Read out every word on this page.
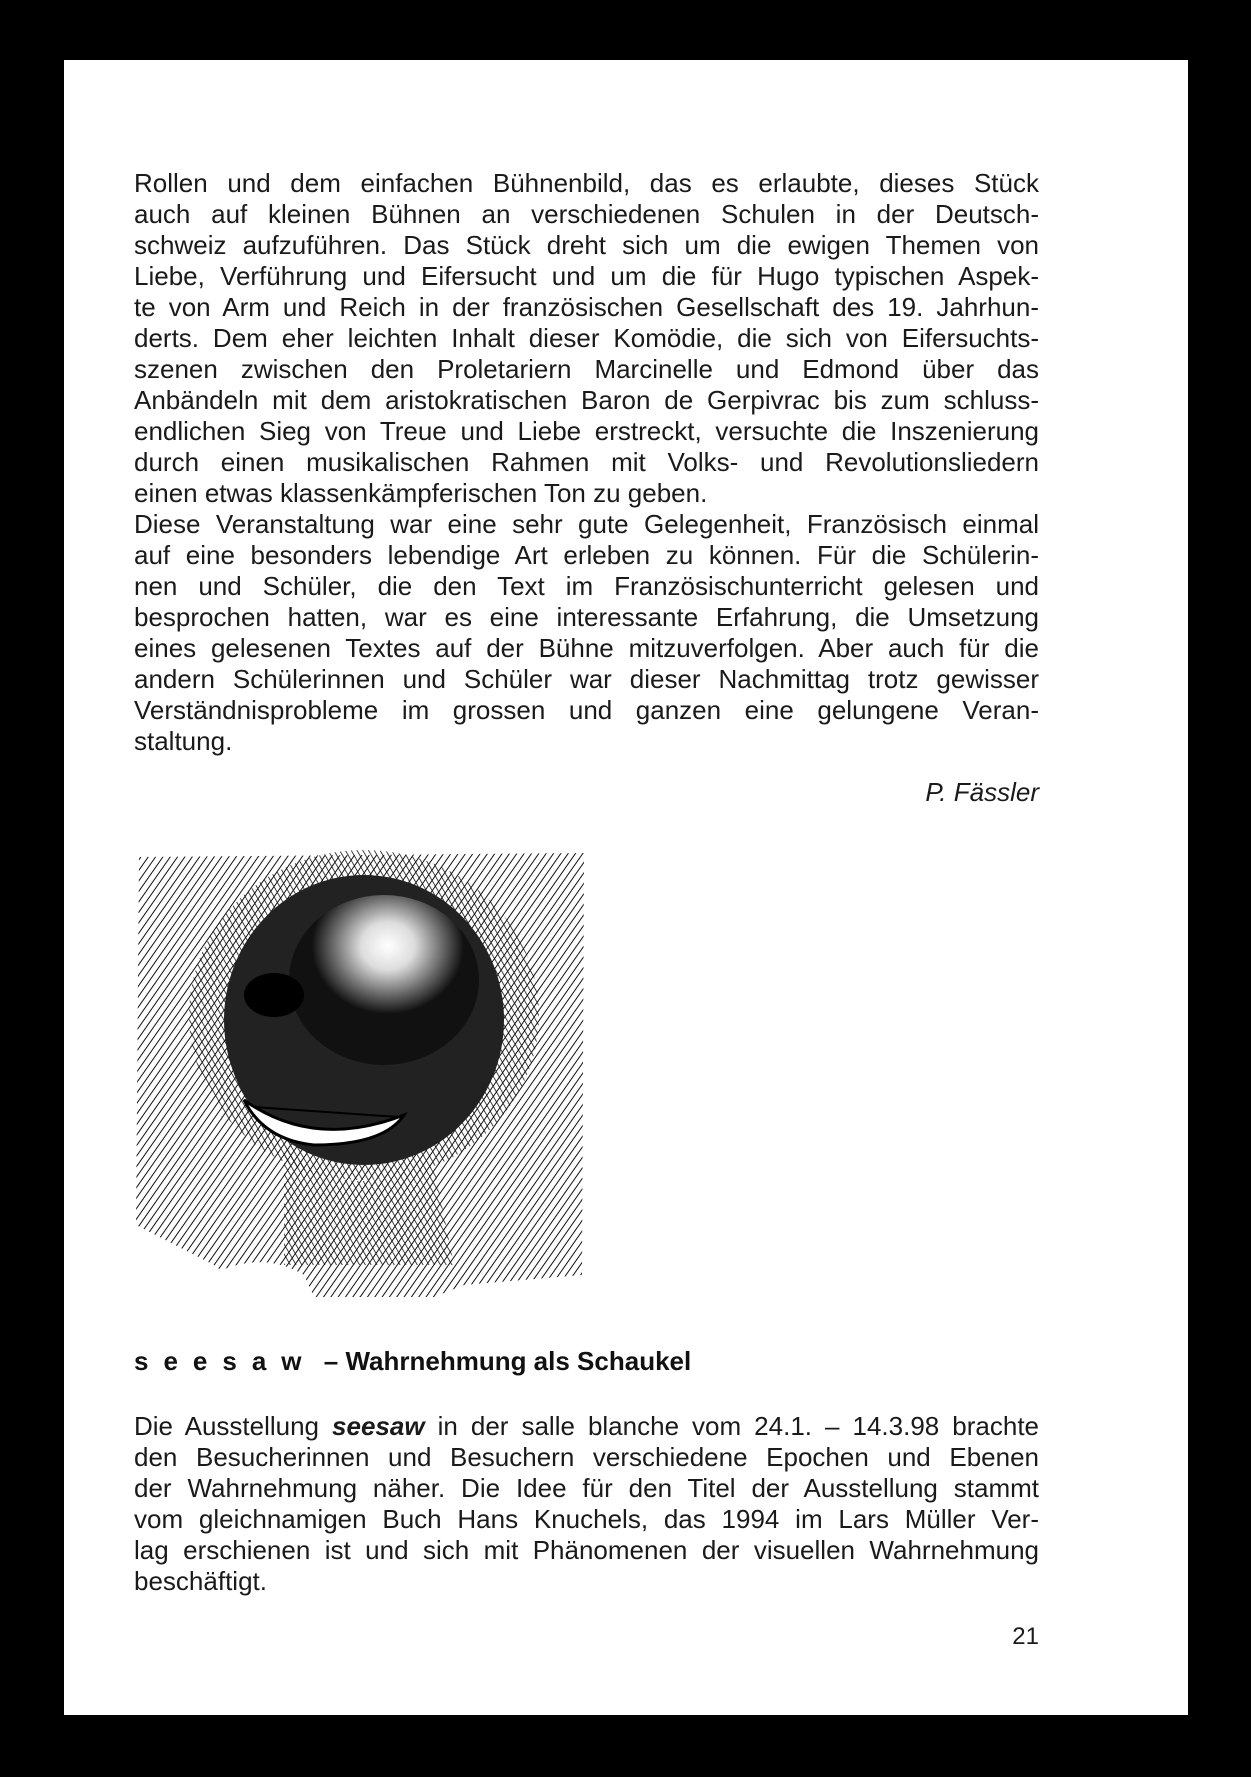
Rollen und dem einfachen Bühnenbild, das es erlaubte, dieses Stück
auch auf kleinen Bühnen an verschiedenen Schulen in der Deutsch-
schweiz aufzuführen. Das Stück dreht sich um die ewigen Themen von
Liebe, Verführung und Eifersucht und um die für Hugo typischen Aspek-
te von Arm und Reich in der französischen Gesellschaft des 19. Jahrhun-
derts. Dem eher leichten Inhalt dieser Komödie, die sich von Eifersuchts-
szenen zwischen den Proletariern Marcinelle und Edmond über das
Anbändeln mit dem aristokratischen Baron de Gerpivrac bis zum schluss-
endlichen Sieg von Treue und Liebe erstreckt, versuchte die Inszenierung
durch einen musikalischen Rahmen mit Volks- und Revolutionsliedern
einen etwas klassenkämpferischen Ton zu geben.
Diese Veranstaltung war eine sehr gute Gelegenheit, Französisch einmal
auf eine besonders lebendige Art erleben zu können. Für die Schülerin-
nen und Schüler, die den Text im Französischunterricht gelesen und
besprochen hatten, war es eine interessante Erfahrung, die Umsetzung
eines gelesenen Textes auf der Bühne mitzuverfolgen. Aber auch für die
andern Schülerinnen und Schüler war dieser Nachmittag trotz gewisser
Verständnisprobleme im grossen und ganzen eine gelungene Veran-
staltung.
P. Fässler
seesaw – Wahrnehmung als Schaukel
Die Ausstellung seesaw in der salle blanche vom 24.1. – 14.3.98 brachte
den Besucherinnen und Besuchern verschiedene Epochen und Ebenen
der Wahrnehmung näher. Die Idee für den Titel der Ausstellung stammt
vom gleichnamigen Buch Hans Knuchels, das 1994 im Lars Müller Ver-
lag erschienen ist und sich mit Phänomenen der visuellen Wahrnehmung
beschäftigt.
21
